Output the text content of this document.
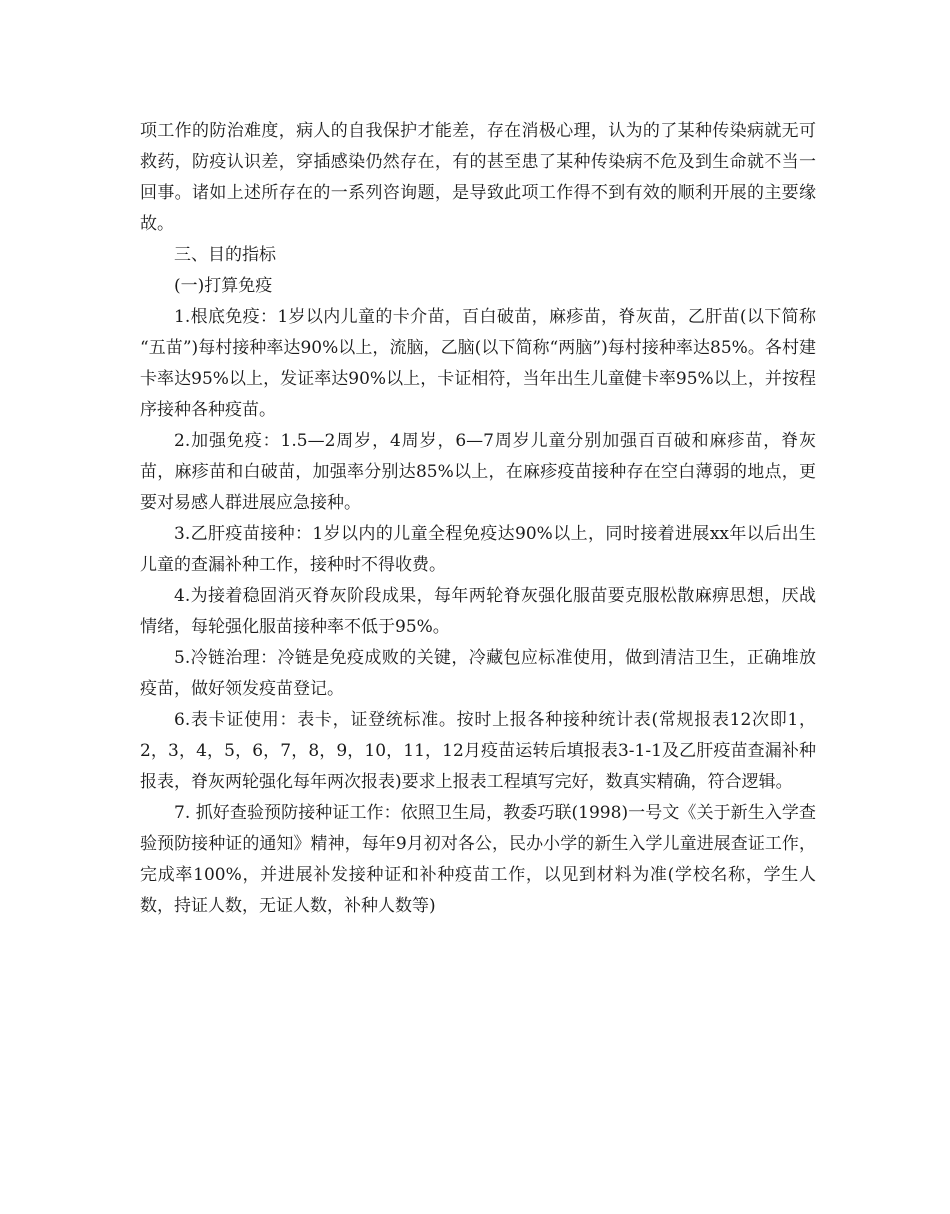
项工作的防治难度，病人的自我保护才能差，存在消极心理，认为的了某种传染病就无可救药，防疫认识差，穿插感染仍然存在，有的甚至患了某种传染病不危及到生命就不当一回事。诸如上述所存在的一系列咨询题，是导致此项工作得不到有效的顺利开展的主要缘故。

三、目的指标

(一)打算免疫

1.根底免疫：1岁以内儿童的卡介苗，百白破苗，麻疹苗，脊灰苗，乙肝苗(以下简称 “五苗”)每村接种率达90%以上，流脑，乙脑(以下简称“两脑”)每村接种率达85%。各村建卡率达95%以上，发证率达90%以上，卡证相符，当年出生儿童健卡率95%以上，并按程序接种各种疫苗。

2.加强免疫：1.5—2周岁，4周岁，6—7周岁儿童分别加强百百破和麻疹苗，脊灰苗，麻疹苗和白破苗，加强率分别达85%以上，在麻疹疫苗接种存在空白薄弱的地点，更要对易感人群进展应急接种。

3.乙肝疫苗接种：1岁以内的儿童全程免疫达90%以上，同时接着进展xx年以后出生儿童的查漏补种工作，接种时不得收费。

4.为接着稳固消灭脊灰阶段成果，每年两轮脊灰强化服苗要克服松散麻痹思想，厌战情绪，每轮强化服苗接种率不低于95%。

5.冷链治理：冷链是免疫成败的关键，冷藏包应标准使用，做到清洁卫生，正确堆放疫苗，做好领发疫苗登记。

6.表卡证使用：表卡，证登统标准。按时上报各种接种统计表(常规报表12次即1，2，3，4，5，6，7，8，9，10，11，12月疫苗运转后填报表3-1-1及乙肝疫苗查漏补种报表，脊灰两轮强化每年两次报表)要求上报表工程填写完好，数真实精确，符合逻辑。

7. 抓好查验预防接种证工作：依照卫生局，教委巧联(1998)一号文《关于新生入学查验预防接种证的通知》精神，每年9月初对各公，民办小学的新生入学儿童进展查证工作，完成率100%，并进展补发接种证和补种疫苗工作，以见到材料为准(学校名称，学生人数，持证人数，无证人数，补种人数等)
